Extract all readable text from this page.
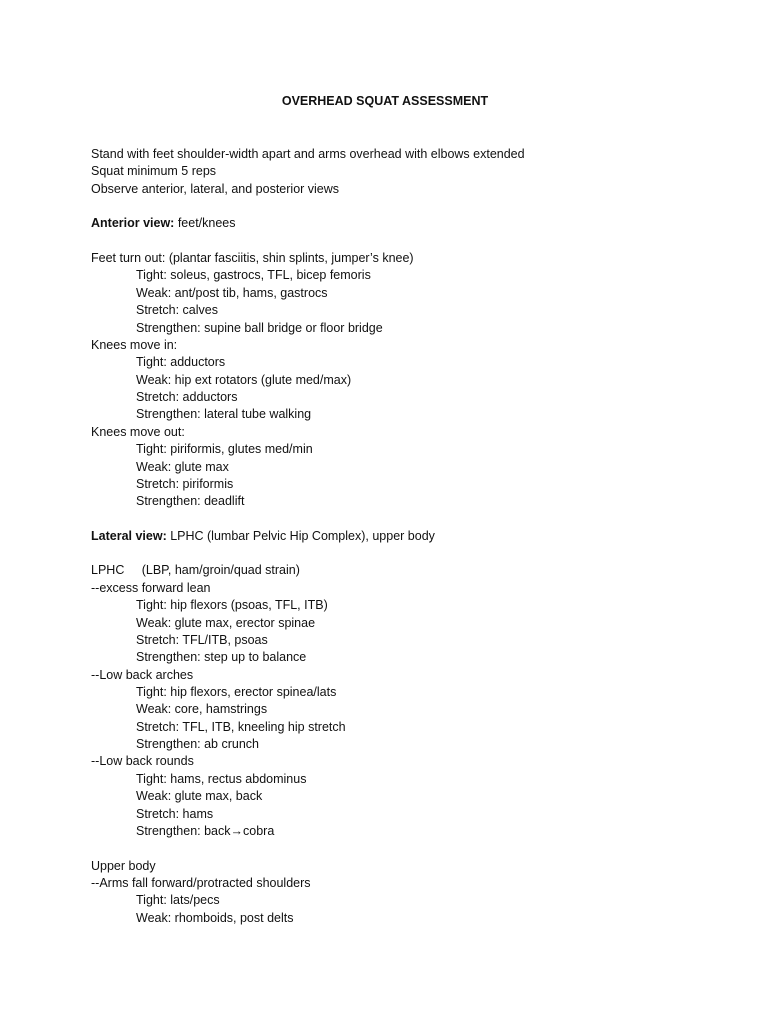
OVERHEAD SQUAT ASSESSMENT
Stand with feet shoulder-width apart and arms overhead with elbows extended
Squat minimum 5 reps
Observe anterior, lateral, and posterior views
Anterior view: feet/knees
Feet turn out: (plantar fasciitis, shin splints, jumper’s knee)
Tight: soleus, gastrocs, TFL, bicep femoris
Weak: ant/post tib, hams, gastrocs
Stretch: calves
Strengthen: supine ball bridge or floor bridge
Knees move in:
Tight: adductors
Weak: hip ext rotators (glute med/max)
Stretch: adductors
Strengthen: lateral tube walking
Knees move out:
Tight: piriformis, glutes med/min
Weak: glute max
Stretch: piriformis
Strengthen: deadlift
Lateral view: LPHC (lumbar Pelvic Hip Complex), upper body
LPHC     (LBP, ham/groin/quad strain)
--excess forward lean
Tight: hip flexors (psoas, TFL, ITB)
Weak: glute max, erector spinae
Stretch: TFL/ITB, psoas
Strengthen: step up to balance
--Low back arches
Tight: hip flexors, erector spinea/lats
Weak: core, hamstrings
Stretch: TFL, ITB, kneeling hip stretch
Strengthen: ab crunch
--Low back rounds
Tight: hams, rectus abdominus
Weak: glute max, back
Stretch: hams
Strengthen: back→cobra
Upper body
--Arms fall forward/protracted shoulders
Tight: lats/pecs
Weak: rhomboids, post delts
